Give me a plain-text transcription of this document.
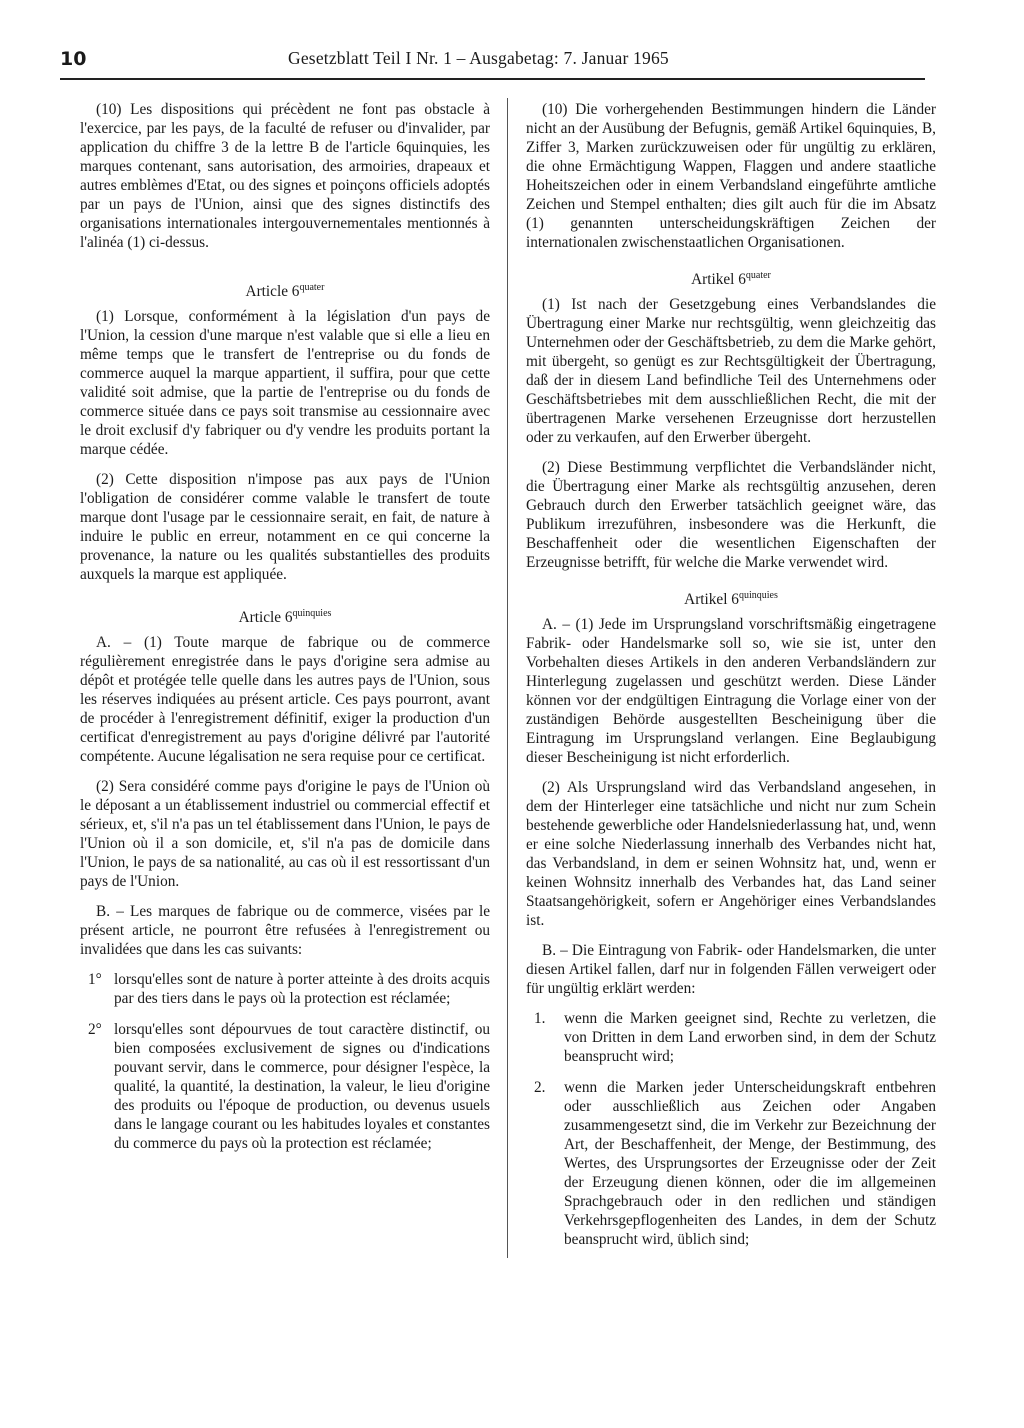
10	Gesetzblatt Teil I Nr. 1 – Ausgabetag: 7. Januar 1965

(10) Les dispositions qui précèdent ne font pas obstacle à l'exercice, par les pays, de la faculté de refuser ou d'invalider, par application du chiffre 3 de la lettre B de l'article 6quinquies, les marques contenant, sans autorisation, des armoiries, drapeaux et autres emblèmes d'Etat, ou des signes et poinçons officiels adoptés par un pays de l'Union, ainsi que des signes distinctifs des organisations internationales intergouvernementales mentionnés à l'alinéa (1) ci-dessus.

Article $6^{quater}$

(1) Lorsque, conformément à la législation d'un pays de l'Union, la cession d'une marque n'est valable que si elle a lieu en même temps que le transfert de l'entreprise ou du fonds de commerce auquel la marque appartient, il suffira, pour que cette validité soit admise, que la partie de l'entreprise ou du fonds de commerce située dans ce pays soit transmise au cessionnaire avec le droit exclusif d'y fabriquer ou d'y vendre les produits portant la marque cédée.

(2) Cette disposition n'impose pas aux pays de l'Union l'obligation de considérer comme valable le transfert de toute marque dont l'usage par le cessionnaire serait, en fait, de nature à induire le public en erreur, notamment en ce qui concerne la provenance, la nature ou les qualités substantielles des produits auxquels la marque est appliquée.

Article $6^{quinquies}$

A. – (1) Toute marque de fabrique ou de commerce régulièrement enregistrée dans le pays d'origine sera admise au dépôt et protégée telle quelle dans les autres pays de l'Union, sous les réserves indiquées au présent article. Ces pays pourront, avant de procéder à l'enregistrement définitif, exiger la production d'un certificat d'enregistrement au pays d'origine délivré par l'autorité compétente. Aucune légalisation ne sera requise pour ce certificat.

(2) Sera considéré comme pays d'origine le pays de l'Union où le déposant a un établissement industriel ou commercial effectif et sérieux, et, s'il n'a pas un tel établissement dans l'Union, le pays de l'Union où il a son domicile, et, s'il n'a pas de domicile dans l'Union, le pays de sa nationalité, au cas où il est ressortissant d'un pays de l'Union.

B. – Les marques de fabrique ou de commerce, visées par le présent article, ne pourront être refusées à l'enregistrement ou invalidées que dans les cas suivants:

1° lorsqu'elles sont de nature à porter atteinte à des droits acquis par des tiers dans le pays où la protection est réclamée;
2° lorsqu'elles sont dépourvues de tout caractère distinctif, ou bien composées exclusivement de signes ou d'indications pouvant servir, dans le commerce, pour désigner l'espèce, la qualité, la quantité, la destination, la valeur, le lieu d'origine des produits ou l'époque de production, ou devenus usuels dans le langage courant ou les habitudes loyales et constantes du commerce du pays où la protection est réclamée;

(10) Die vorhergehenden Bestimmungen hindern die Länder nicht an der Ausübung der Befugnis, gemäß Artikel 6quinquies, B, Ziffer 3, Marken zurückzuweisen oder für ungültig zu erklären, die ohne Ermächtigung Wappen, Flaggen und andere staatliche Hoheitszeichen oder in einem Verbandsland eingeführte amtliche Zeichen und Stempel enthalten; dies gilt auch für die im Absatz (1) genannten unterscheidungskräftigen Zeichen der internationalen zwischenstaatlichen Organisationen.

Artikel $6^{quater}$

(1) Ist nach der Gesetzgebung eines Verbandslandes die Übertragung einer Marke nur rechtsgültig, wenn gleichzeitig das Unternehmen oder der Geschäftsbetrieb, zu dem die Marke gehört, mit übergeht, so genügt es zur Rechtsgültigkeit der Übertragung, daß der in diesem Land befindliche Teil des Unternehmens oder Geschäftsbetriebes mit dem ausschließlichen Recht, die mit der übertragenen Marke versehenen Erzeugnisse dort herzustellen oder zu verkaufen, auf den Erwerber übergeht.

(2) Diese Bestimmung verpflichtet die Verbandsländer nicht, die Übertragung einer Marke als rechtsgültig anzusehen, deren Gebrauch durch den Erwerber tatsächlich geeignet wäre, das Publikum irrezuführen, insbesondere was die Herkunft, die Beschaffenheit oder die wesentlichen Eigenschaften der Erzeugnisse betrifft, für welche die Marke verwendet wird.

Artikel $6^{quinquies}$

A. – (1) Jede im Ursprungsland vorschriftsmäßig eingetragene Fabrik- oder Handelsmarke soll so, wie sie ist, unter den Vorbehalten dieses Artikels in den anderen Verbandsländern zur Hinterlegung zugelassen und geschützt werden. Diese Länder können vor der endgültigen Eintragung die Vorlage einer von der zuständigen Behörde ausgestellten Bescheinigung über die Eintragung im Ursprungsland verlangen. Eine Beglaubigung dieser Bescheinigung ist nicht erforderlich.

(2) Als Ursprungsland wird das Verbandsland angesehen, in dem der Hinterleger eine tatsächliche und nicht nur zum Schein bestehende gewerbliche oder Handelsniederlassung hat, und, wenn er eine solche Niederlassung innerhalb des Verbandes nicht hat, das Verbandsland, in dem er seinen Wohnsitz hat, und, wenn er keinen Wohnsitz innerhalb des Verbandes hat, das Land seiner Staatsangehörigkeit, sofern er Angehöriger eines Verbandslandes ist.

B. – Die Eintragung von Fabrik- oder Handelsmarken, die unter diesen Artikel fallen, darf nur in folgenden Fällen verweigert oder für ungültig erklärt werden:

1.	wenn die Marken geeignet sind, Rechte zu verletzen, die von Dritten in dem Land erworben sind, in dem der Schutz beansprucht wird;
2.	wenn die Marken jeder Unterscheidungskraft entbehren oder ausschließlich aus Zeichen oder Angaben zusammengesetzt sind, die im Verkehr zur Bezeichnung der Art, der Beschaffenheit, der Menge, der Bestimmung, des Wertes, des Ursprungsortes der Erzeugnisse oder der Zeit der Erzeugung dienen können, oder die im allgemeinen Sprachgebrauch oder in den redlichen und ständigen Verkehrsgepflogenheiten des Landes, in dem der Schutz beansprucht wird, üblich sind;
